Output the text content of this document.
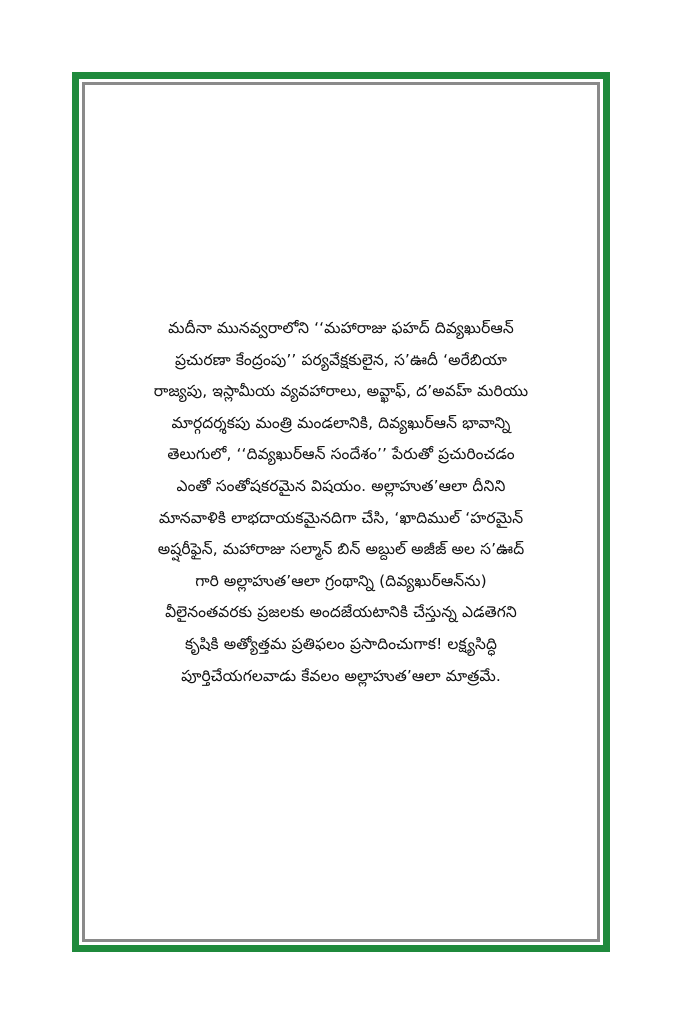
మదీనా మునవ్వరాలోని ‘‘మహారాజు ఫహద్ దివ్యఖుర్ఆన్
ప్రచురణా కేంద్రంపు’’ పర్యవేక్షకులైన, స’ఊదీ ‘అరేబియా
రాజ్యపు, ఇస్లామీయ వ్యవహారాలు, అవ్ఖాఫ్, ద’అవహ్ మరియు
మార్గదర్శకపు మంత్రి మండలానికి, దివ్యఖుర్ఆన్ భావాన్ని
తెలుగులో, ‘‘దివ్యఖుర్ఆన్ సందేశం’’ పేరుతో ప్రచురించడం
ఎంతో సంతోషకరమైన విషయం. అల్లాహుత’ఆలా దీనిని
మానవాళికి లాభదాయకమైనదిగా చేసి, ‘ఖాదిముల్ ‘హరమైన్
అష్షరీఫైన్, మహారాజు సల్మాన్ బిన్ అబ్దుల్ అజీజ్ అల స’ఊద్
గారి అల్లాహుత’ఆలా గ్రంథాన్ని (దివ్యఖుర్ఆన్‌ను)
వీలైనంతవరకు ప్రజలకు అందజేయటానికి చేస్తున్న ఎడతెగని
కృషికి అత్యోత్తమ ప్రతిఫలం ప్రసాదించుగాక! లక్ష్యసిద్ధి
పూర్తిచేయగలవాడు కేవలం అల్లాహుత’ఆలా మాత్రమే.
